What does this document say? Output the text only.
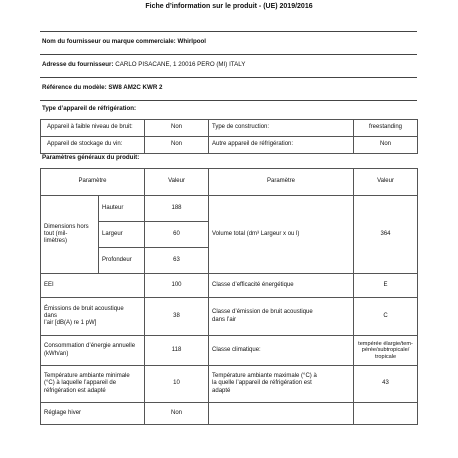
Fiche d’information sur le produit - (UE) 2019/2016
Nom du fournisseur ou marque commerciale: Whirlpool
Adresse du fournisseur: CARLO PISACANE, 1 20016 PERO (MI) ITALY
Référence du modèle: SW8 AM2C KWR 2
Type d’appareil de réfrigération:
Appareil à faible niveau de bruit:	Non	Type de construction:	freestanding
Appareil de stockage du vin:	Non	Autre appareil de réfrigération:	Non
Paramètres généraux du produit:
Paramètre		Valeur	Paramètre	Valeur
Dimensions hors tout (mil-
limètres)	Hauteur	188	Volume total (dm³ Largeur x ou l)	364
	Largeur	60		
	Profondeur	63		
EEI		100	Classe d’efficacité énergétique	E
Émissions de bruit acoustique
dans
l’air [dB(A) re 1 pW]		38	Classe d’émission de bruit acoustique
dans l’air	C
Consommation d’énergie annuelle
(kWh/an)		118	Classe climatique:	tempérée élargie/tem-
pérée/subtropicale/
tropicale
Température ambiante minimale
(°C) à laquelle l’appareil de
réfrigération est adapté		10	Température ambiante maximale (°C) à
la quelle l’appareil de réfrigération est
adapté	43
Réglage hiver		Non		
